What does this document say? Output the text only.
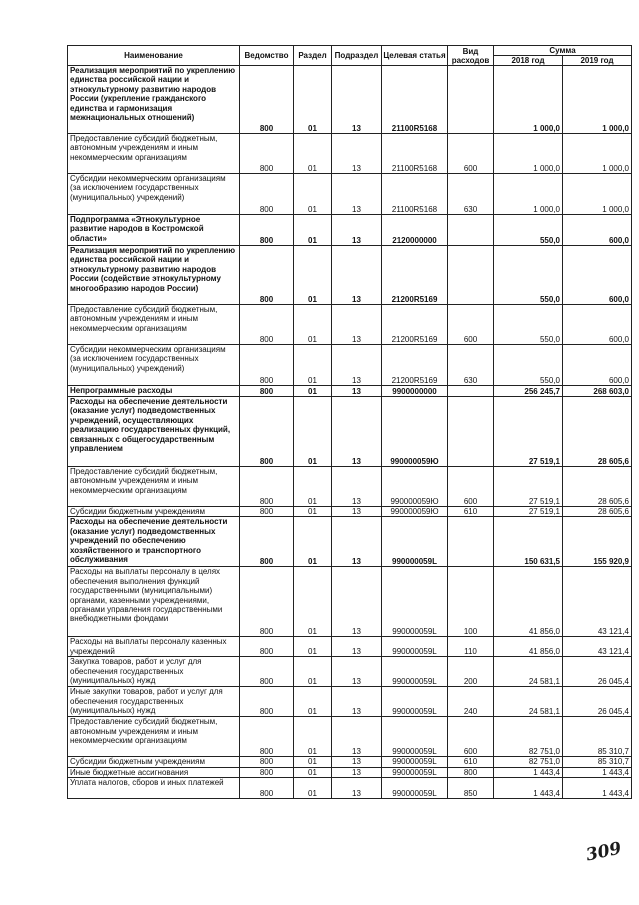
Наименование	Ведомство	Раздел	Подраздел	Целевая статья	Вид расходов	Сумма	
						2018 год	2019 год
Реализация мероприятий по укреплению единства российской нации и этнокультурному развитию народов России (укрепление гражданского единства и гармонизация межнациональных отношений)	800	01	13	21100R5168		1 000,0	1 000,0
Предоставление субсидий бюджетным, автономным учреждениям и иным некоммерческим организациям	800	01	13	21100R5168	600	1 000,0	1 000,0
Субсидии некоммерческим организациям (за исключением государственных (муниципальных) учреждений)	800	01	13	21100R5168	630	1 000,0	1 000,0
Подпрограмма «Этнокультурное развитие народов в Костромской области»	800	01	13	2120000000		550,0	600,0
Реализация мероприятий по укреплению единства российской нации и этнокультурному развитию народов России (содействие этнокультурному многообразию народов России)	800	01	13	21200R5169		550,0	600,0
Предоставление субсидий бюджетным, автономным учреждениям и иным некоммерческим организациям	800	01	13	21200R5169	600	550,0	600,0
Субсидии некоммерческим организациям (за исключением государственных (муниципальных) учреждений)	800	01	13	21200R5169	630	550,0	600,0
Непрограммные расходы	800	01	13	9900000000		256 245,7	268 603,0
Расходы на обеспечение деятельности (оказание услуг) подведомственных учреждений, осуществляющих реализацию государственных функций, связанных с общегосударственным управлением	800	01	13	990000059Ю		27 519,1	28 605,6
Предоставление субсидий бюджетным, автономным учреждениям и иным некоммерческим организациям	800	01	13	990000059Ю	600	27 519,1	28 605,6
Субсидии бюджетным учреждениям	800	01	13	990000059Ю	610	27 519,1	28 605,6
Расходы на обеспечение деятельности (оказание услуг) подведомственных учреждений по обеспечению хозяйственного и транспортного обслуживания	800	01	13	990000059L		150 631,5	155 920,9
Расходы на выплаты персоналу в целях обеспечения выполнения функций государственными (муниципальными) органами, казенными учреждениями, органами управления государственными внебюджетными фондами	800	01	13	990000059L	100	41 856,0	43 121,4
Расходы на выплаты персоналу казенных учреждений	800	01	13	990000059L	110	41 856,0	43 121,4
Закупка товаров, работ и услуг для обеспечения государственных (муниципальных) нужд	800	01	13	990000059L	200	24 581,1	26 045,4
Иные закупки товаров, работ и услуг для обеспечения государственных (муниципальных) нужд	800	01	13	990000059L	240	24 581,1	26 045,4
Предоставление субсидий бюджетным, автономным учреждениям и иным некоммерческим организациям	800	01	13	990000059L	600	82 751,0	85 310,7
Субсидии бюджетным учреждениям	800	01	13	990000059L	610	82 751,0	85 310,7
Иные бюджетные ассигнования	800	01	13	990000059L	800	1 443,4	1 443,4
Уплата налогов, сборов и иных платежей	800	01	13	990000059L	850	1 443,4	1 443,4
309
